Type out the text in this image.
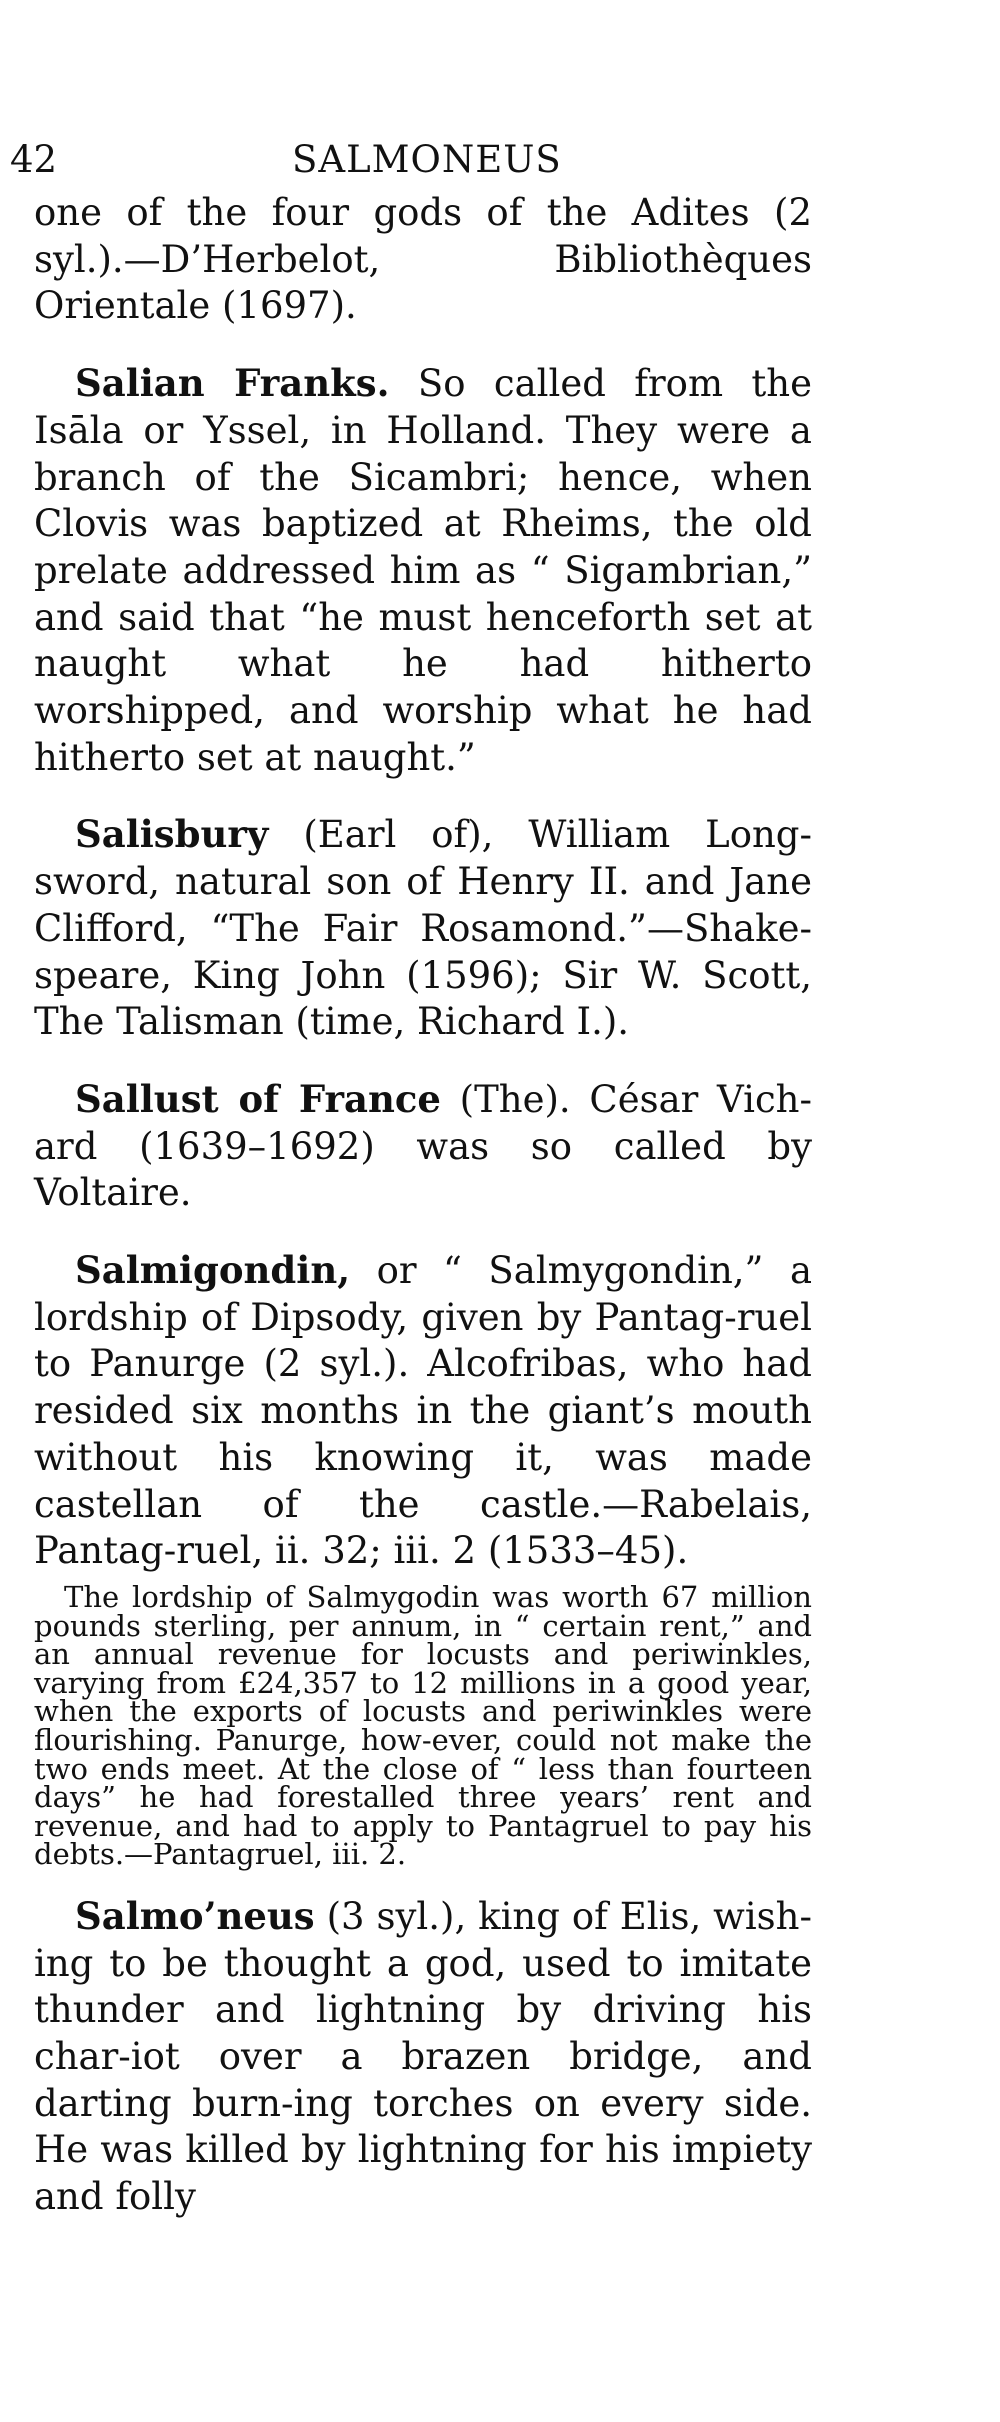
42	SALMONEUS

one of the four gods of the Adites (2 syl.).—D’Herbelot, Bibliothèques Orientale (1697).

Salian Franks. So called from the Isāla or Yssel, in Holland. They were a branch of the Sicambri; hence, when Clovis was baptized at Rheims, the old prelate addressed him as “ Sigambrian,” and said that “he must henceforth set at naught what he had hitherto worshipped, and worship what he had hitherto set at naught.”

Salisbury (Earl of), William Long-sword, natural son of Henry II. and Jane Clifford, “The Fair Rosamond.”—Shake-speare, King John (1596); Sir W. Scott, The Talisman (time, Richard I.).

Sallust of France (The). César Vich-ard (1639–1692) was so called by Voltaire.

Salmigondin, or “ Salmygondin,” a lordship of Dipsody, given by Pantag-ruel to Panurge (2 syl.). Alcofribas, who had resided six months in the giant’s mouth without his knowing it, was made castellan of the castle.—Rabelais, Pantag-ruel, ii. 32; iii. 2 (1533–45).

The lordship of Salmygodin was worth 67 million pounds sterling, per annum, in “ certain rent,” and an annual revenue for locusts and periwinkles, varying from £24,357 to 12 millions in a good year, when the exports of locusts and periwinkles were flourishing. Panurge, how-ever, could not make the two ends meet. At the close of “ less than fourteen days” he had forestalled three years’ rent and revenue, and had to apply to Pantagruel to pay his debts.—Pantagruel, iii. 2.

Salmo’neus (3 syl.), king of Elis, wish-ing to be thought a god, used to imitate thunder and lightning by driving his char-iot over a brazen bridge, and darting burn-ing torches on every side. He was killed by lightning for his impiety and folly
